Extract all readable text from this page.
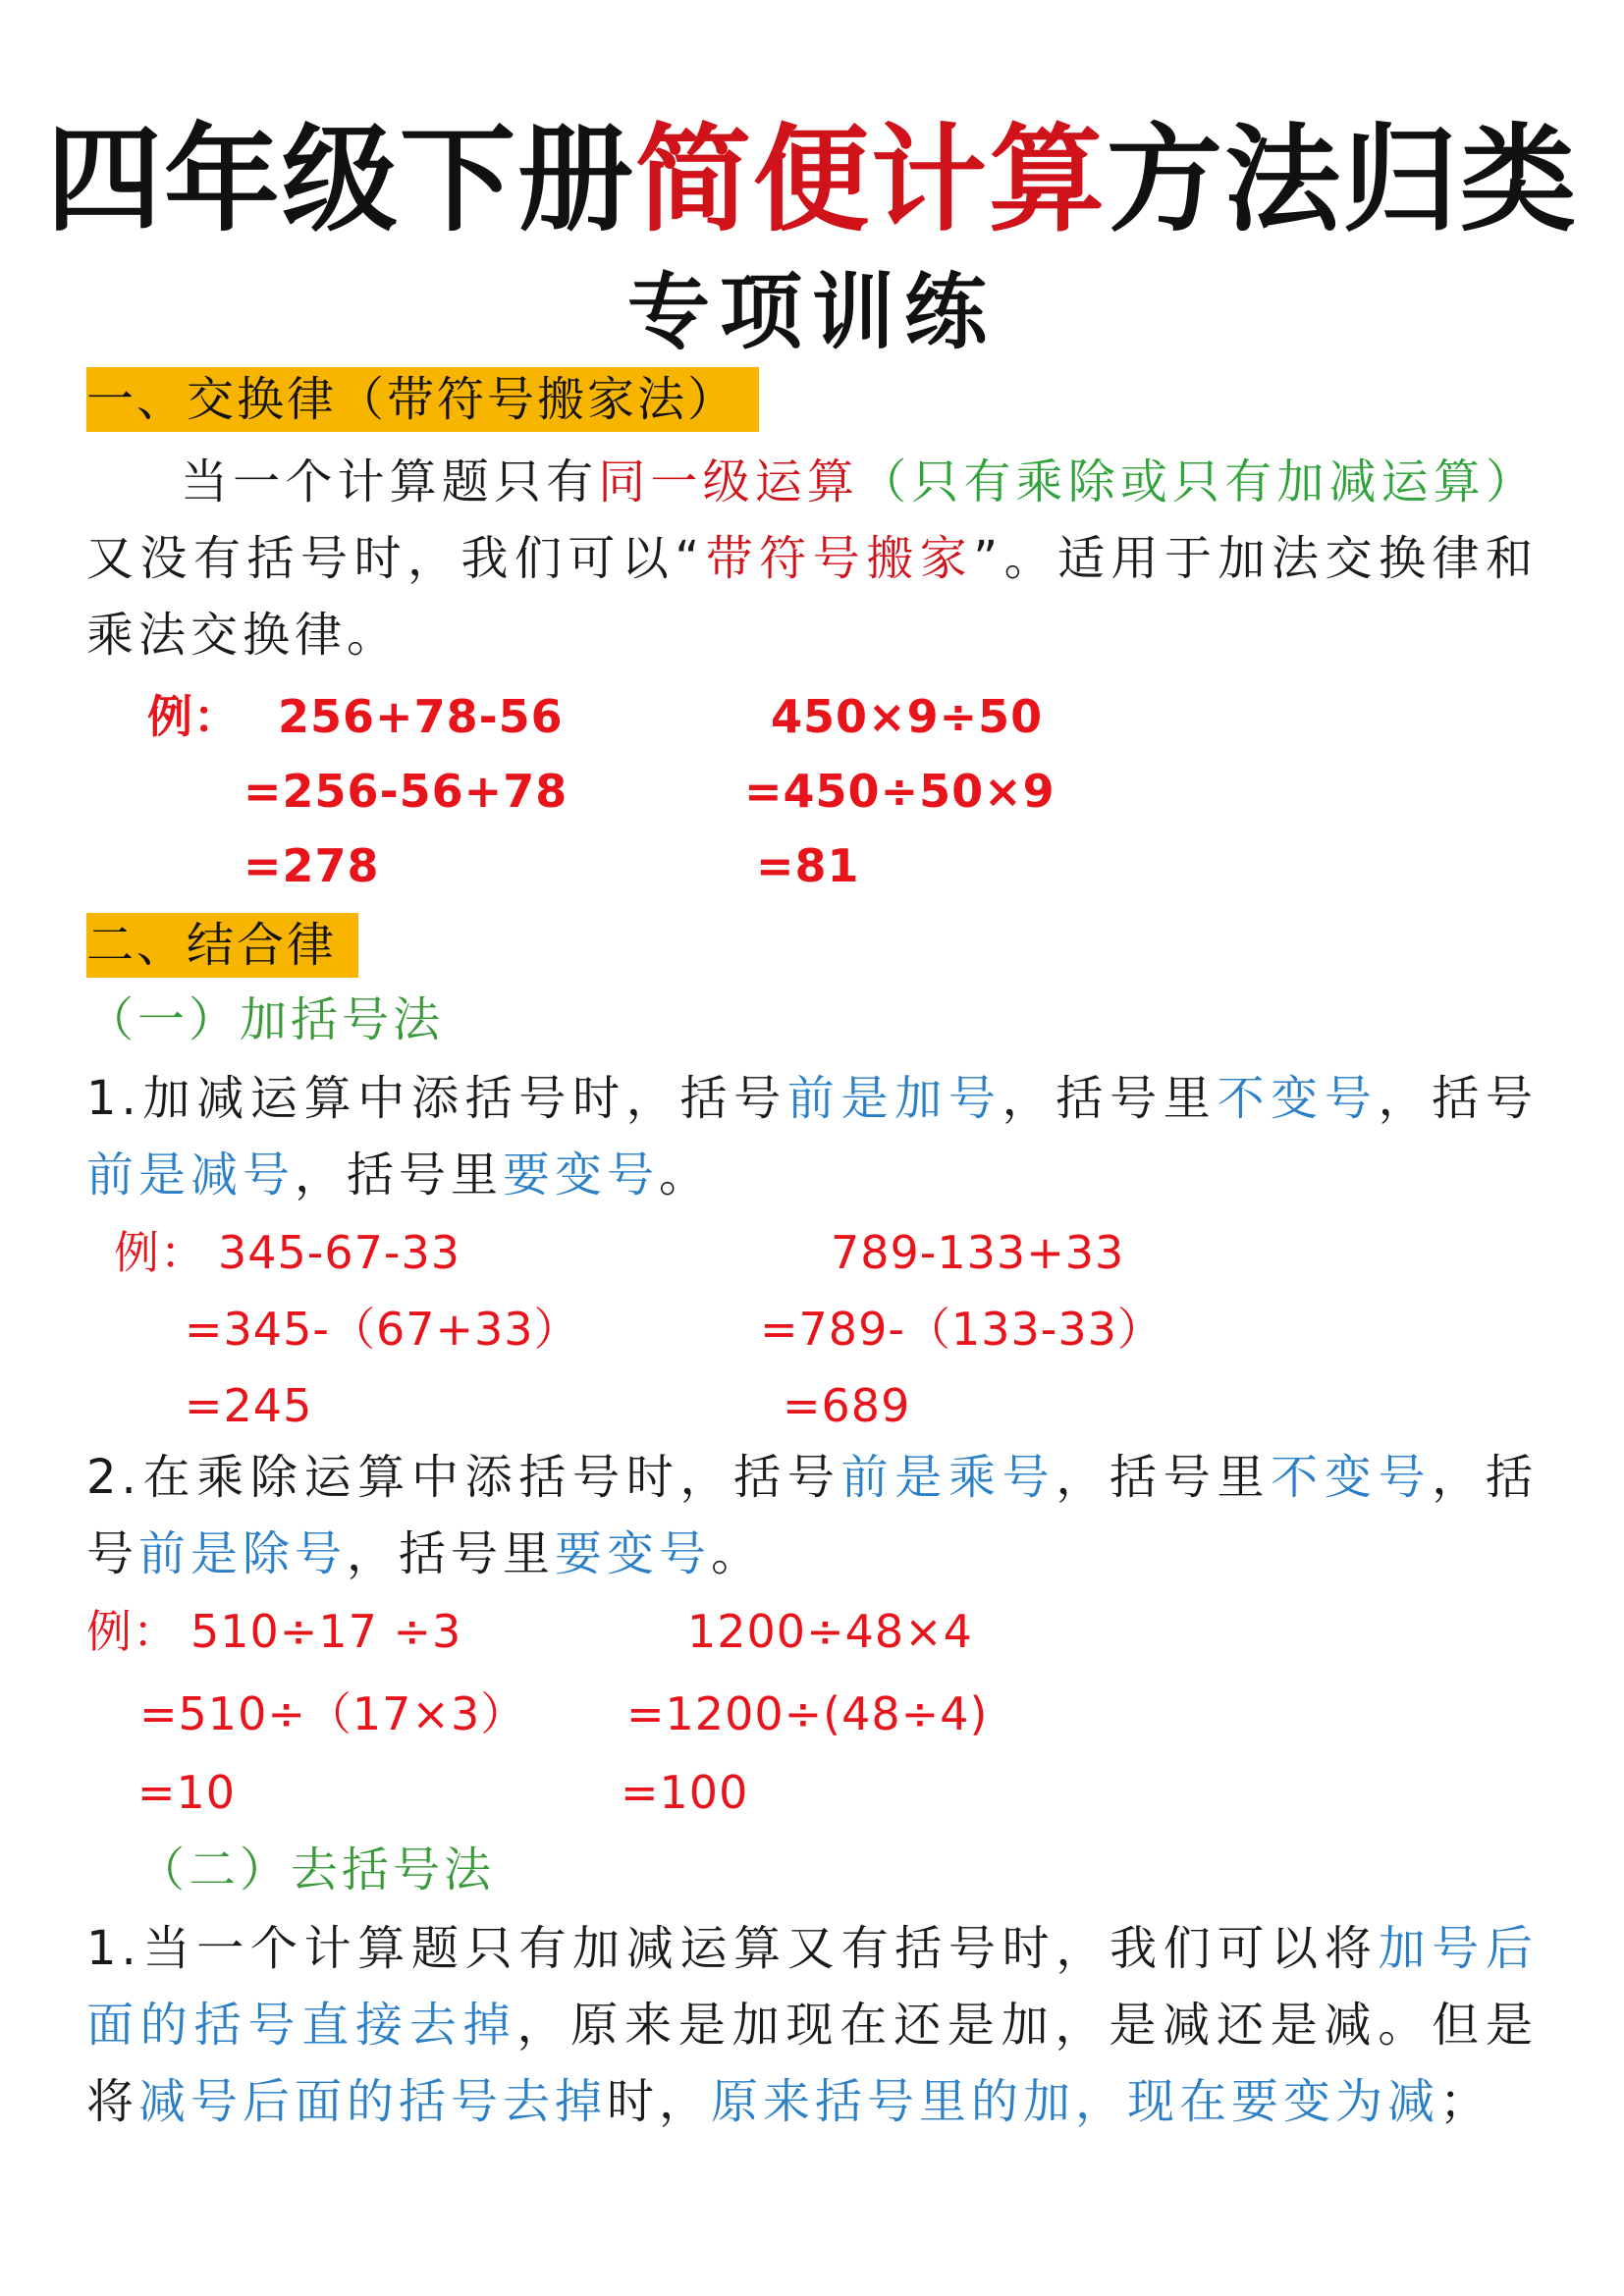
四年级下册简便计算方法归类
专项训练
一、交换律（带符号搬家法）
当一个计算题只有同一级运算（只有乘除或只有加减运算）又没有括号时，我们可以“带符号搬家”。适用于加法交换律和乘法交换律。
例： 256+78-56
=256-56+78
=278
450×9÷50
=450÷50×9
=81
二、结合律
（一）加括号法
1.加减运算中添括号时，括号前是加号，括号里不变号，括号前是减号，括号里要变号。
例： 345-67-33
=345-（67+33）
=245
789-133+33
=789-（133-33）
=689
2.在乘除运算中添括号时，括号前是乘号，括号里不变号，括号前是除号，括号里要变号。
例： 510÷17 ÷3
=510÷（17×3）
=10
1200÷48×4
=1200÷(48÷4)
=100
（二）去括号法
1.当一个计算题只有加减运算又有括号时，我们可以将加号后面的括号直接去掉，原来是加现在还是加，是减还是减。但是将减号后面的括号去掉时，原来括号里的加，现在要变为减；
